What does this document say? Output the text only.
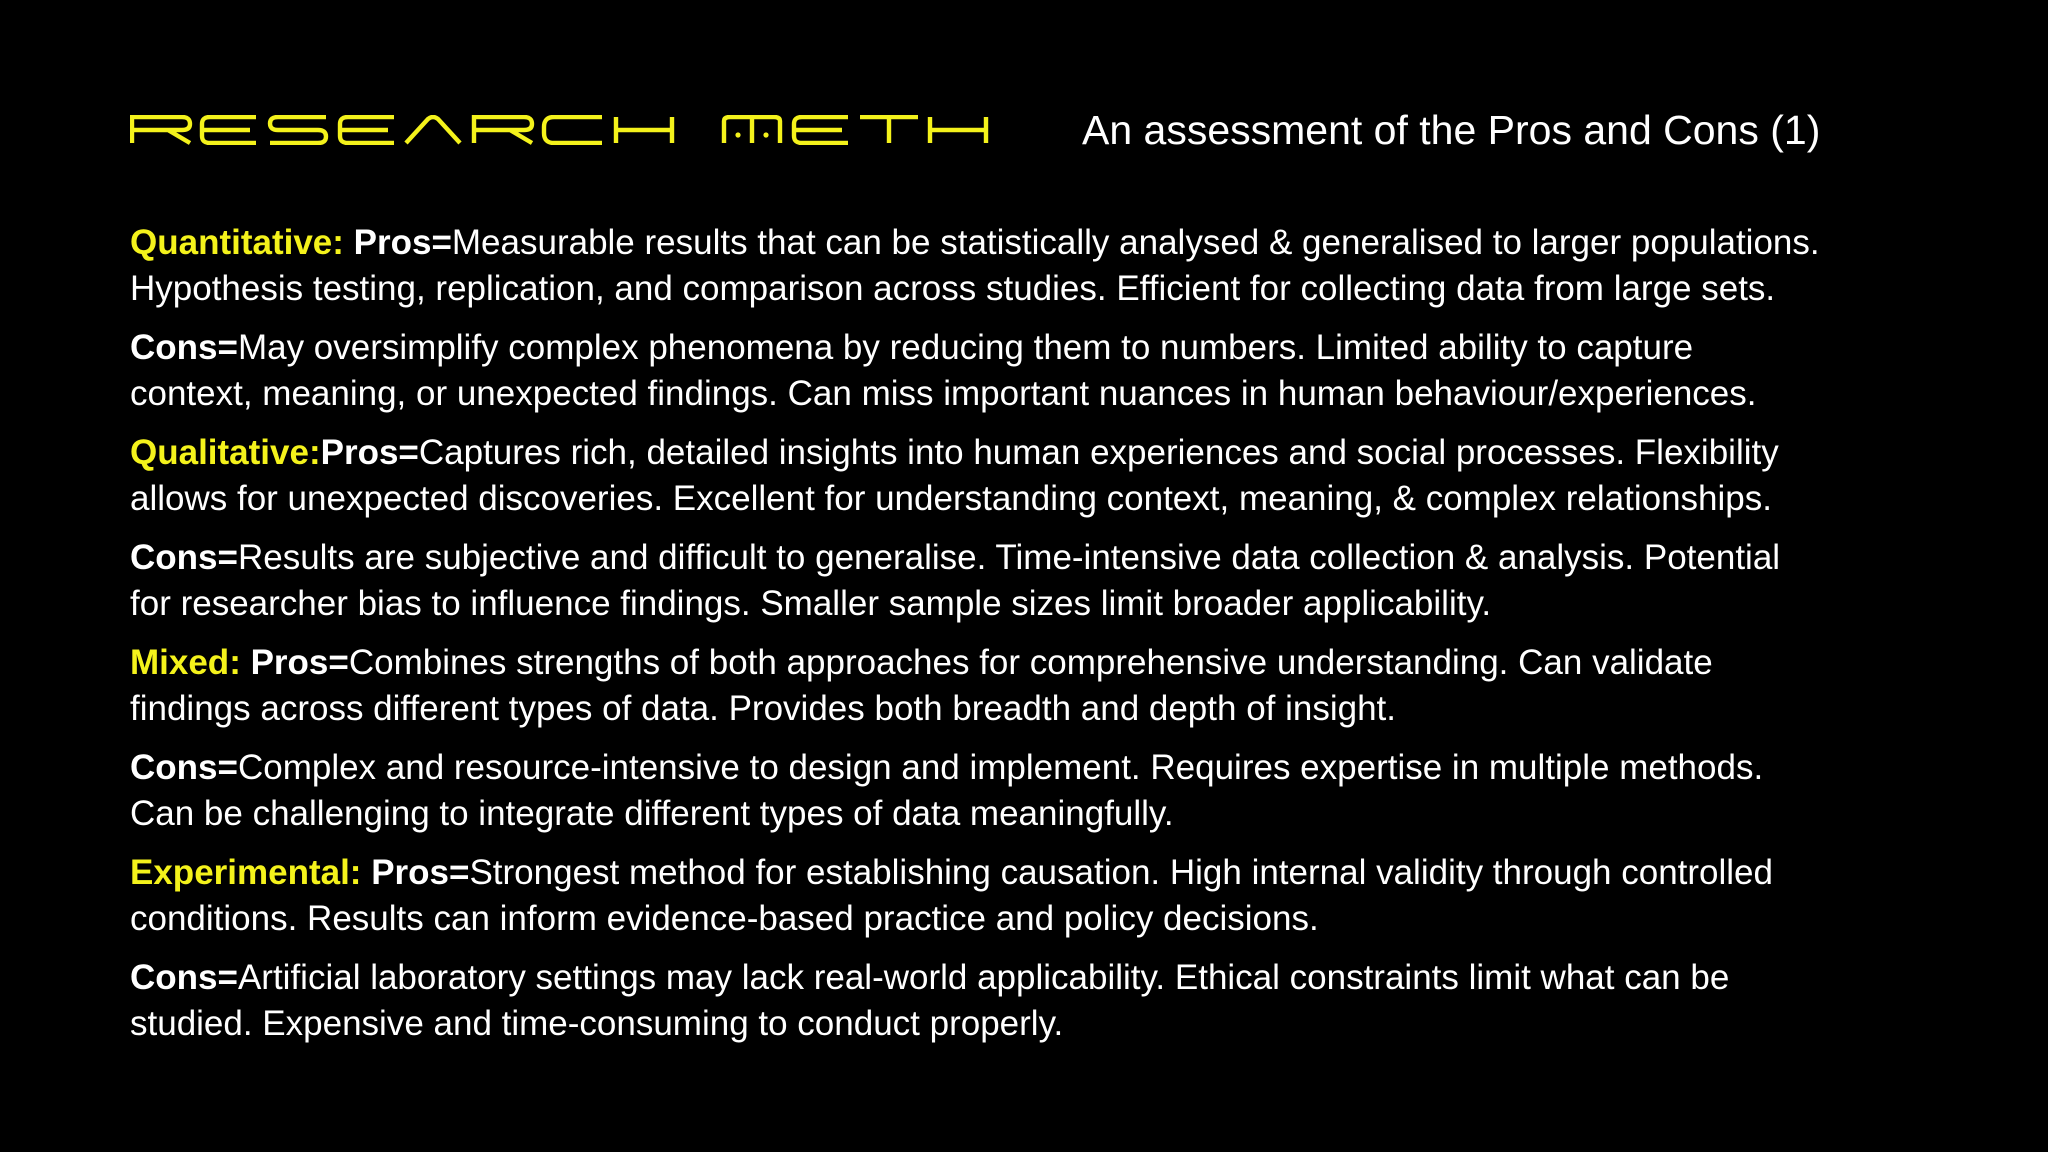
An assessment of the Pros and Cons (1)
Quantitative: Pros=Measurable results that can be statistically analysed & generalised to larger populations.
Hypothesis testing, replication, and comparison across studies. Efficient for collecting data from large sets.
Cons=May oversimplify complex phenomena by reducing them to numbers. Limited ability to capture
context, meaning, or unexpected findings. Can miss important nuances in human behaviour/experiences.
Qualitative:Pros=Captures rich, detailed insights into human experiences and social processes. Flexibility
allows for unexpected discoveries. Excellent for understanding context, meaning, & complex relationships.
Cons=Results are subjective and difficult to generalise. Time-intensive data collection & analysis. Potential
for researcher bias to influence findings. Smaller sample sizes limit broader applicability.
Mixed: Pros=Combines strengths of both approaches for comprehensive understanding. Can validate
findings across different types of data. Provides both breadth and depth of insight.
Cons=Complex and resource-intensive to design and implement. Requires expertise in multiple methods.
Can be challenging to integrate different types of data meaningfully.
Experimental: Pros=Strongest method for establishing causation. High internal validity through controlled
conditions. Results can inform evidence-based practice and policy decisions.
Cons=Artificial laboratory settings may lack real-world applicability. Ethical constraints limit what can be
studied. Expensive and time-consuming to conduct properly.
